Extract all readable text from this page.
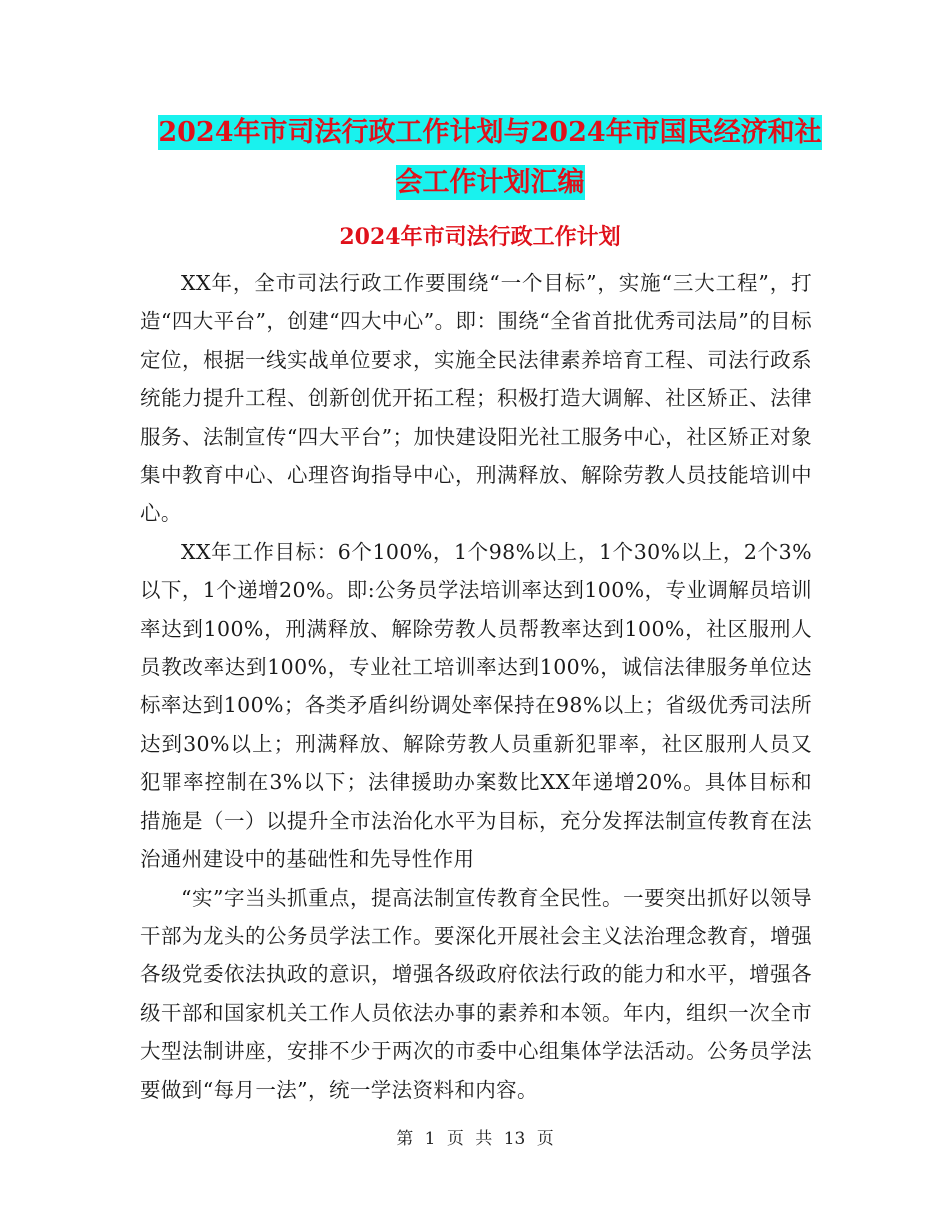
2024年市司法行政工作计划与2024年市国民经济和社
会工作计划汇编
2024年市司法行政工作计划

XX年，全市司法行政工作要围绕“一个目标”，实施“三大工程”，打造“四大平台”，创建“四大中心”。即：围绕“全省首批优秀司法局”的目标定位，根据一线实战单位要求，实施全民法律素养培育工程、司法行政系统能力提升工程、创新创优开拓工程；积极打造大调解、社区矫正、法律服务、法制宣传“四大平台”；加快建设阳光社工服务中心，社区矫正对象集中教育中心、心理咨询指导中心，刑满释放、解除劳教人员技能培训中心。

XX年工作目标：6个100%，1个98%以上，1个30%以上，2个3%以下，1个递增20%。即:公务员学法培训率达到100%，专业调解员培训率达到100%，刑满释放、解除劳教人员帮教率达到100%，社区服刑人员教改率达到100%，专业社工培训率达到100%，诚信法律服务单位达标率达到100%；各类矛盾纠纷调处率保持在98%以上；省级优秀司法所达到30%以上；刑满释放、解除劳教人员重新犯罪率，社区服刑人员又犯罪率控制在3%以下；法律援助办案数比XX年递增20%。具体目标和措施是（一）以提升全市法治化水平为目标，充分发挥法制宣传教育在法治通州建设中的基础性和先导性作用

“实”字当头抓重点，提高法制宣传教育全民性。一要突出抓好以领导干部为龙头的公务员学法工作。要深化开展社会主义法治理念教育，增强各级党委依法执政的意识，增强各级政府依法行政的能力和水平，增强各级干部和国家机关工作人员依法办事的素养和本领。年内，组织一次全市大型法制讲座，安排不少于两次的市委中心组集体学法活动。公务员学法要做到“每月一法”，统一学法资料和内容。

第 1 页 共 13 页
